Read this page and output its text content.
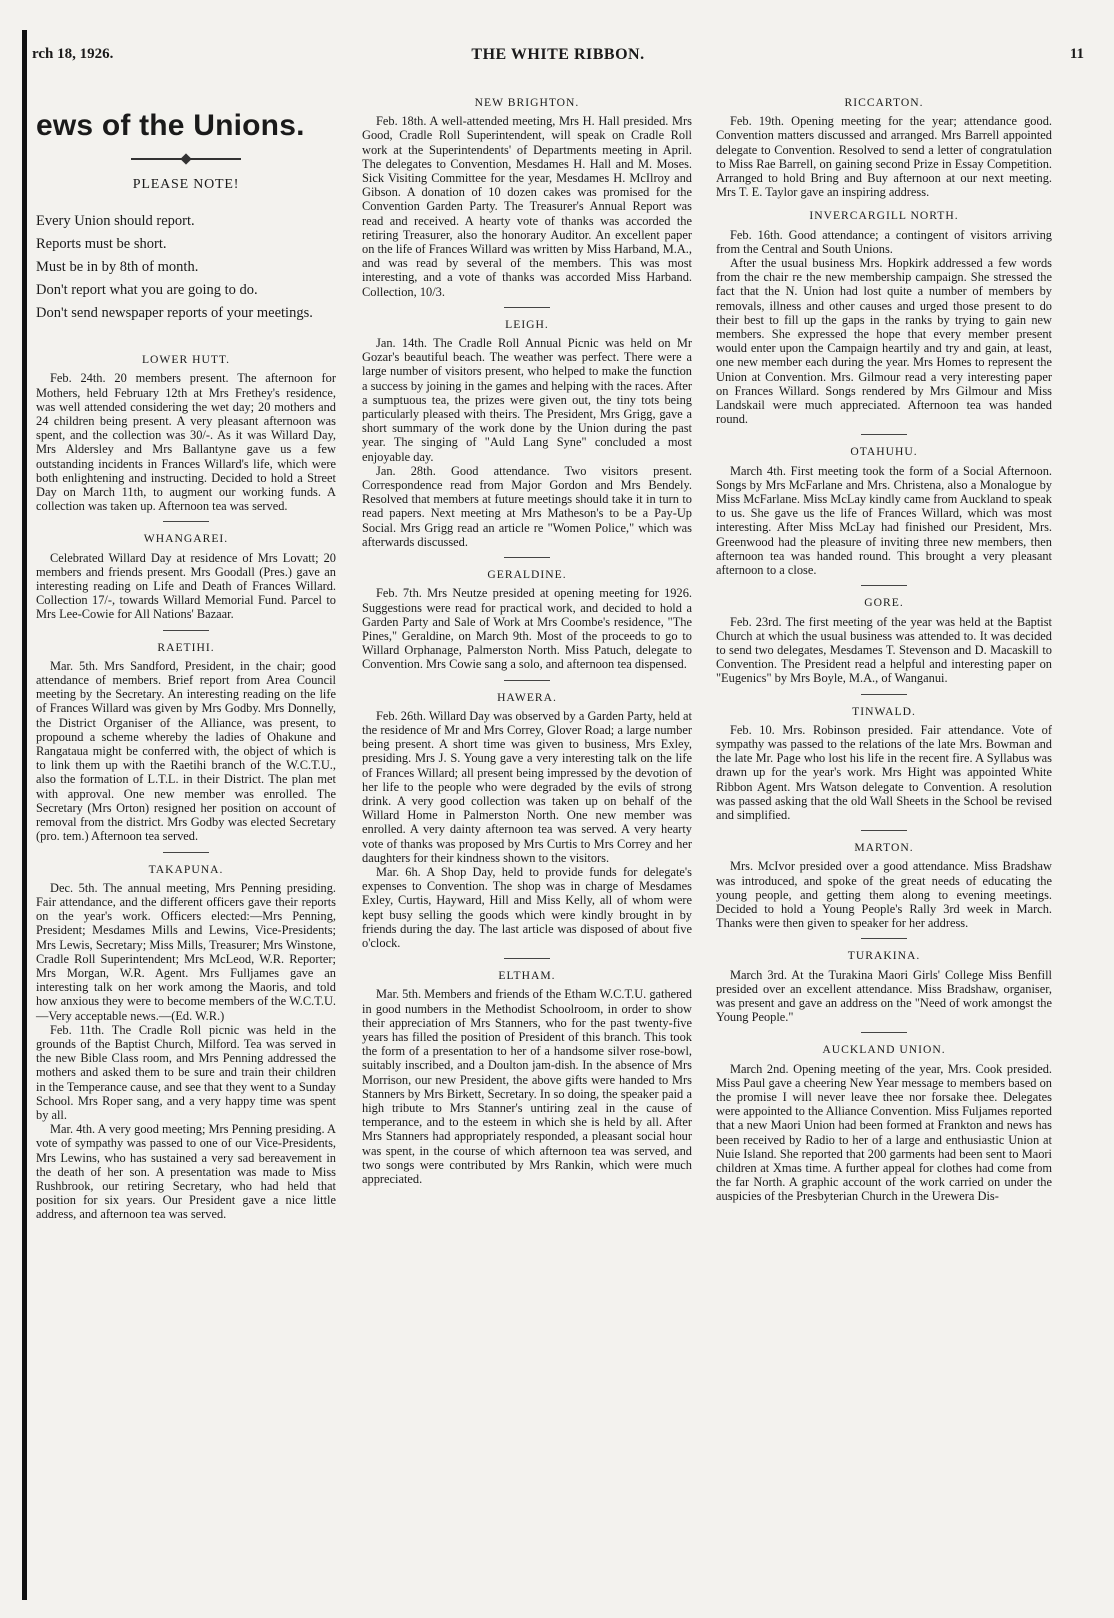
rch 18, 1926.	THE WHITE RIBBON.	11
ews of the Unions.
PLEASE NOTE!
Every Union should report.
Reports must be short.
Must be in by 8th of month.
Don't report what you are going to do.
Don't send newspaper reports of your meetings.
LOWER HUTT.

Feb. 24th. 20 members present. The afternoon for Mothers, held February 12th at Mrs Frethey's residence, was well attended considering the wet day; 20 mothers and 24 children being present. A very pleasant afternoon was spent, and the collection was 30/-. As it was Willard Day, Mrs Aldersley and Mrs Ballantyne gave us a few outstanding incidents in Frances Willard's life, which were both enlightening and instructing. Decided to hold a Street Day on March 11th, to augment our working funds. A collection was taken up. Afternoon tea was served.

WHANGAREI.

Celebrated Willard Day at residence of Mrs Lovatt; 20 members and friends present. Mrs Goodall (Pres.) gave an interesting reading on Life and Death of Frances Willard. Collection 17/-, towards Willard Memorial Fund. Parcel to Mrs Lee-Cowie for All Nations' Bazaar.

RAETIHI.

Mar. 5th. Mrs Sandford, President, in the chair; good attendance of members. Brief report from Area Council meeting by the Secretary. An interesting reading on the life of Frances Willard was given by Mrs Godby. Mrs Donnelly, the District Organiser of the Alliance, was present, to propound a scheme whereby the ladies of Ohakune and Rangataua might be conferred with, the object of which is to link them up with the Raetihi branch of the W.C.T.U., also the formation of L.T.L. in their District. The plan met with approval. One new member was enrolled. The Secretary (Mrs Orton) resigned her position on account of removal from the district. Mrs Godby was elected Secretary (pro. tem.) Afternoon tea served.

TAKAPUNA.

Dec. 5th. The annual meeting, Mrs Penning presiding. Fair attendance, and the different officers gave their reports on the year's work. Officers elected:—Mrs Penning, President; Mesdames Mills and Lewins, Vice-Presidents; Mrs Lewis, Secretary; Miss Mills, Treasurer; Mrs Winstone, Cradle Roll Superintendent; Mrs McLeod, W.R. Reporter; Mrs Morgan, W.R. Agent. Mrs Fulljames gave an interesting talk on her work among the Maoris, and told how anxious they were to become members of the W.C.T.U.—Very acceptable news.—(Ed. W.R.)

Feb. 11th. The Cradle Roll picnic was held in the grounds of the Baptist Church, Milford. Tea was served in the new Bible Class room, and Mrs Penning addressed the mothers and asked them to be sure and train their children in the Temperance cause, and see that they went to a Sunday School. Mrs Roper sang, and a very happy time was spent by all.

Mar. 4th. A very good meeting; Mrs Penning presiding. A vote of sympathy was passed to one of our Vice-Presidents, Mrs Lewins, who has sustained a very sad bereavement in the death of her son. A presentation was made to Miss Rushbrook, our retiring Secretary, who had held that position for six years. Our President gave a nice little address, and afternoon tea was served.

NEW BRIGHTON.

Feb. 18th. A well-attended meeting, Mrs H. Hall presided. Mrs Good, Cradle Roll Superintendent, will speak on Cradle Roll work at the Superintendents' of Departments meeting in April. The delegates to Convention, Mesdames H. Hall and M. Moses. Sick Visiting Committee for the year, Mesdames H. McIlroy and Gibson. A donation of 10 dozen cakes was promised for the Convention Garden Party. The Treasurer's Annual Report was read and received. A hearty vote of thanks was accorded the retiring Treasurer, also the honorary Auditor. An excellent paper on the life of Frances Willard was written by Miss Harband, M.A., and was read by several of the members. This was most interesting, and a vote of thanks was accorded Miss Harband. Collection, 10/3.

LEIGH.

Jan. 14th. The Cradle Roll Annual Picnic was held on Mr Gozar's beautiful beach. The weather was perfect. There were a large number of visitors present, who helped to make the function a success by joining in the games and helping with the races. After a sumptuous tea, the prizes were given out, the tiny tots being particularly pleased with theirs. The President, Mrs Grigg, gave a short summary of the work done by the Union during the past year. The singing of "Auld Lang Syne" concluded a most enjoyable day.

Jan. 28th. Good attendance. Two visitors present. Correspondence read from Major Gordon and Mrs Bendely. Resolved that members at future meetings should take it in turn to read papers. Next meeting at Mrs Matheson's to be a Pay-Up Social. Mrs Grigg read an article re "Women Police," which was afterwards discussed.

GERALDINE.

Feb. 7th. Mrs Neutze presided at opening meeting for 1926. Suggestions were read for practical work, and decided to hold a Garden Party and Sale of Work at Mrs Coombe's residence, "The Pines," Geraldine, on March 9th. Most of the proceeds to go to Willard Orphanage, Palmerston North. Miss Patuch, delegate to Convention. Mrs Cowie sang a solo, and afternoon tea dispensed.

HAWERA.

Feb. 26th. Willard Day was observed by a Garden Party, held at the residence of Mr and Mrs Correy, Glover Road; a large number being present. A short time was given to business, Mrs Exley, presiding. Mrs J. S. Young gave a very interesting talk on the life of Frances Willard; all present being impressed by the devotion of her life to the people who were degraded by the evils of strong drink. A very good collection was taken up on behalf of the Willard Home in Palmerston North. One new member was enrolled. A very dainty afternoon tea was served. A very hearty vote of thanks was proposed by Mrs Curtis to Mrs Correy and her daughters for their kindness shown to the visitors.

Mar. 6h. A Shop Day, held to provide funds for delegate's expenses to Convention. The shop was in charge of Mesdames Exley, Curtis, Hayward, Hill and Miss Kelly, all of whom were kept busy selling the goods which were kindly brought in by friends during the day. The last article was disposed of about five o'clock.

ELTHAM.

Mar. 5th. Members and friends of the Etham W.C.T.U. gathered in good numbers in the Methodist Schoolroom, in order to show their appreciation of Mrs Stanners, who for the past twenty-five years has filled the position of President of this branch. This took the form of a presentation to her of a handsome silver rose-bowl, suitably inscribed, and a Doulton jam-dish. In the absence of Mrs Morrison, our new President, the above gifts were handed to Mrs Stanners by Mrs Birkett, Secretary. In so doing, the speaker paid a high tribute to Mrs Stanner's untiring zeal in the cause of temperance, and to the esteem in which she is held by all. After Mrs Stanners had appropriately responded, a pleasant social hour was spent, in the course of which afternoon tea was served, and two songs were contributed by Mrs Rankin, which were much appreciated.

RICCARTON.

Feb. 19th. Opening meeting for the year; attendance good. Convention matters discussed and arranged. Mrs Barrell appointed delegate to Convention. Resolved to send a letter of congratulation to Miss Rae Barrell, on gaining second Prize in Essay Competition. Arranged to hold Bring and Buy afternoon at our next meeting. Mrs T. E. Taylor gave an inspiring address.

INVERCARGILL NORTH.

Feb. 16th. Good attendance; a contingent of visitors arriving from the Central and South Unions.

After the usual business Mrs. Hopkirk addressed a few words from the chair re the new membership campaign. She stressed the fact that the N. Union had lost quite a number of members by removals, illness and other causes and urged those present to do their best to fill up the gaps in the ranks by trying to gain new members. She expressed the hope that every member present would enter upon the Campaign heartily and try and gain, at least, one new member each during the year. Mrs Homes to represent the Union at Convention. Mrs. Gilmour read a very interesting paper on Frances Willard. Songs rendered by Mrs Gilmour and Miss Landskail were much appreciated. Afternoon tea was handed round.

OTAHUHU.

March 4th. First meeting took the form of a Social Afternoon. Songs by Mrs McFarlane and Mrs. Christena, also a Monalogue by Miss McFarlane. Miss McLay kindly came from Auckland to speak to us. She gave us the life of Frances Willard, which was most interesting. After Miss McLay had finished our President, Mrs. Greenwood had the pleasure of inviting three new members, then afternoon tea was handed round. This brought a very pleasant afternoon to a close.

GORE.

Feb. 23rd. The first meeting of the year was held at the Baptist Church at which the usual business was attended to. It was decided to send two delegates, Mesdames T. Stevenson and D. Macaskill to Convention. The President read a helpful and interesting paper on "Eugenics" by Mrs Boyle, M.A., of Wanganui.

TINWALD.

Feb. 10. Mrs. Robinson presided. Fair attendance. Vote of sympathy was passed to the relations of the late Mrs. Bowman and the late Mr. Page who lost his life in the recent fire. A Syllabus was drawn up for the year's work. Mrs Hight was appointed White Ribbon Agent. Mrs Watson delegate to Convention. A resolution was passed asking that the old Wall Sheets in the School be revised and simplified.

MARTON.

Mrs. McIvor presided over a good attendance. Miss Bradshaw was introduced, and spoke of the great needs of educating the young people, and getting them along to evening meetings. Decided to hold a Young People's Rally 3rd week in March. Thanks were then given to speaker for her address.

TURAKINA.

March 3rd. At the Turakina Maori Girls' College Miss Benfill presided over an excellent attendance. Miss Bradshaw, organiser, was present and gave an address on the "Need of work amongst the Young People."

AUCKLAND UNION.

March 2nd. Opening meeting of the year, Mrs. Cook presided. Miss Paul gave a cheering New Year message to members based on the promise I will never leave thee nor forsake thee. Delegates were appointed to the Alliance Convention. Miss Fuljames reported that a new Maori Union had been formed at Frankton and news has been received by Radio to her of a large and enthusiastic Union at Nuie Island. She reported that 200 garments had been sent to Maori children at Xmas time. A further appeal for clothes had come from the far North. A graphic account of the work carried on under the auspicies of the Presbyterian Church in the Urewera Dis-
